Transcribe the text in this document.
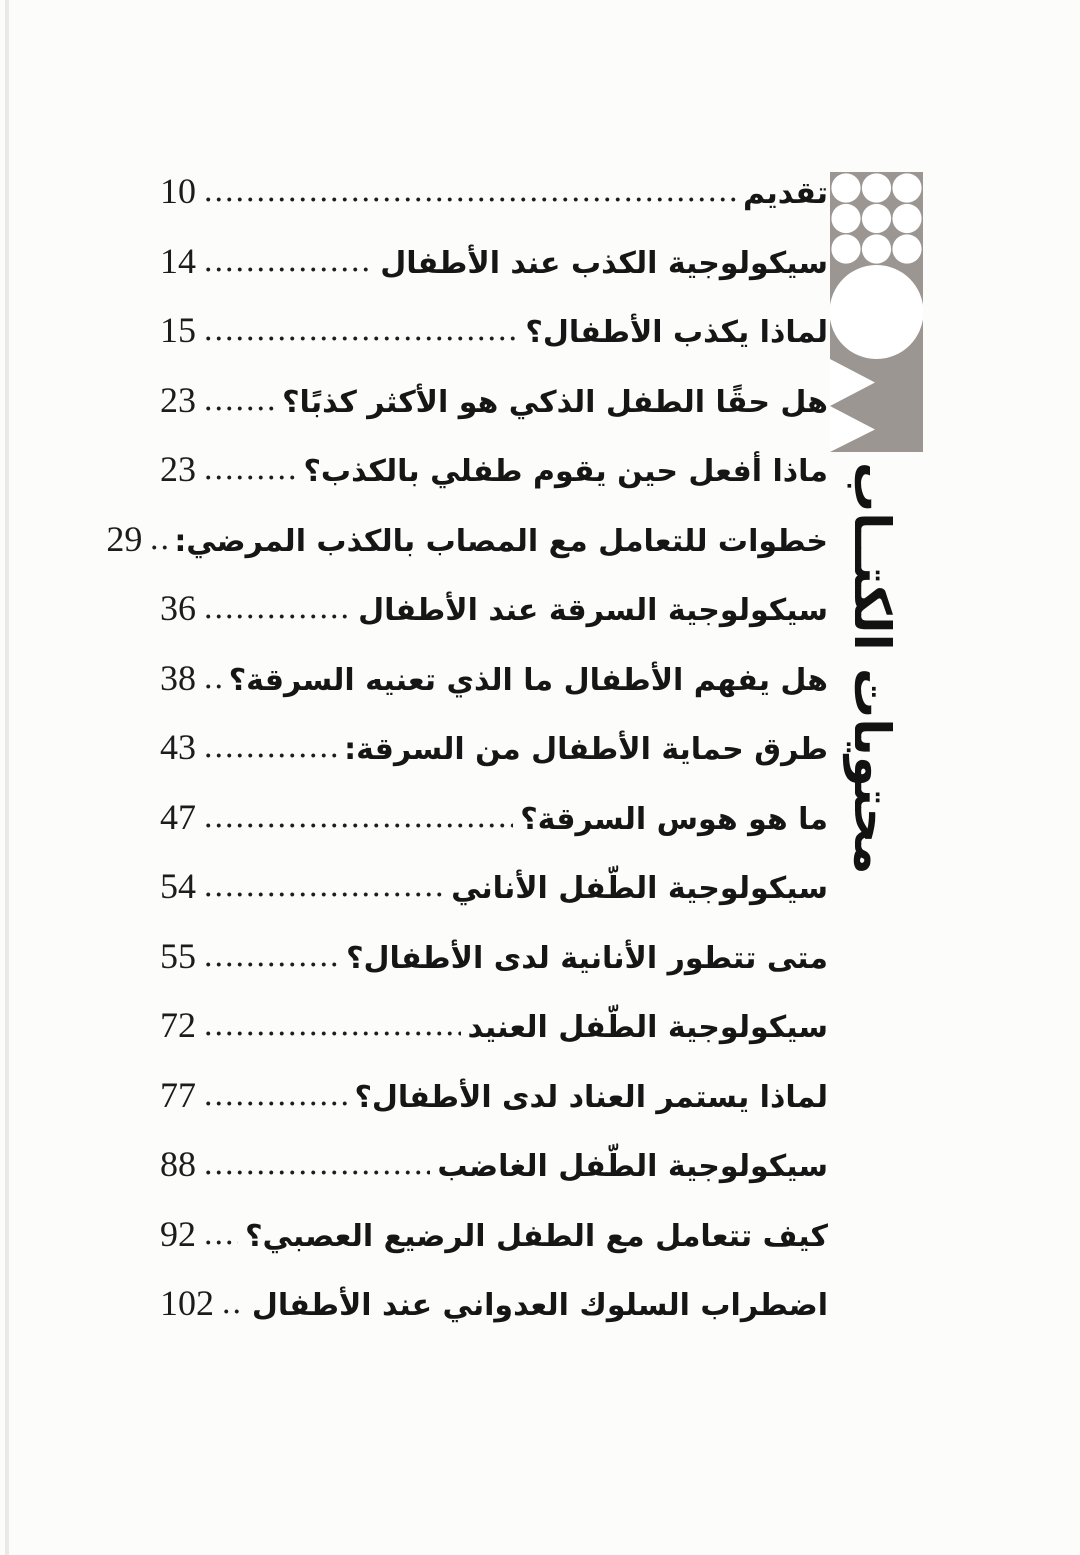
تقديم
10
سيكولوجية الكذب عند الأطفال
14
لماذا يكذب الأطفال؟
15
هل حقًا الطفل الذكي هو الأكثر كذبًا؟
23
ماذا أفعل حين يقوم طفلي بالكذب؟
23
خطوات للتعامل مع المصاب بالكذب المرضي:
29
سيكولوجية السرقة عند الأطفال
36
هل يفهم الأطفال ما الذي تعنيه السرقة؟
38
طرق حماية الأطفال من السرقة:
43
ما هو هوس السرقة؟
47
سيكولوجية الطّفل الأناني
54
متى تتطور الأنانية لدى الأطفال؟
55
سيكولوجية الطّفل العنيد
72
لماذا يستمر العناد لدى الأطفال؟
77
سيكولوجية الطّفل الغاضب
88
كيف تتعامل مع الطفل الرضيع العصبي؟
92
اضطراب السلوك العدواني عند الأطفال
102
محتويات الكتــاب
نفهم
